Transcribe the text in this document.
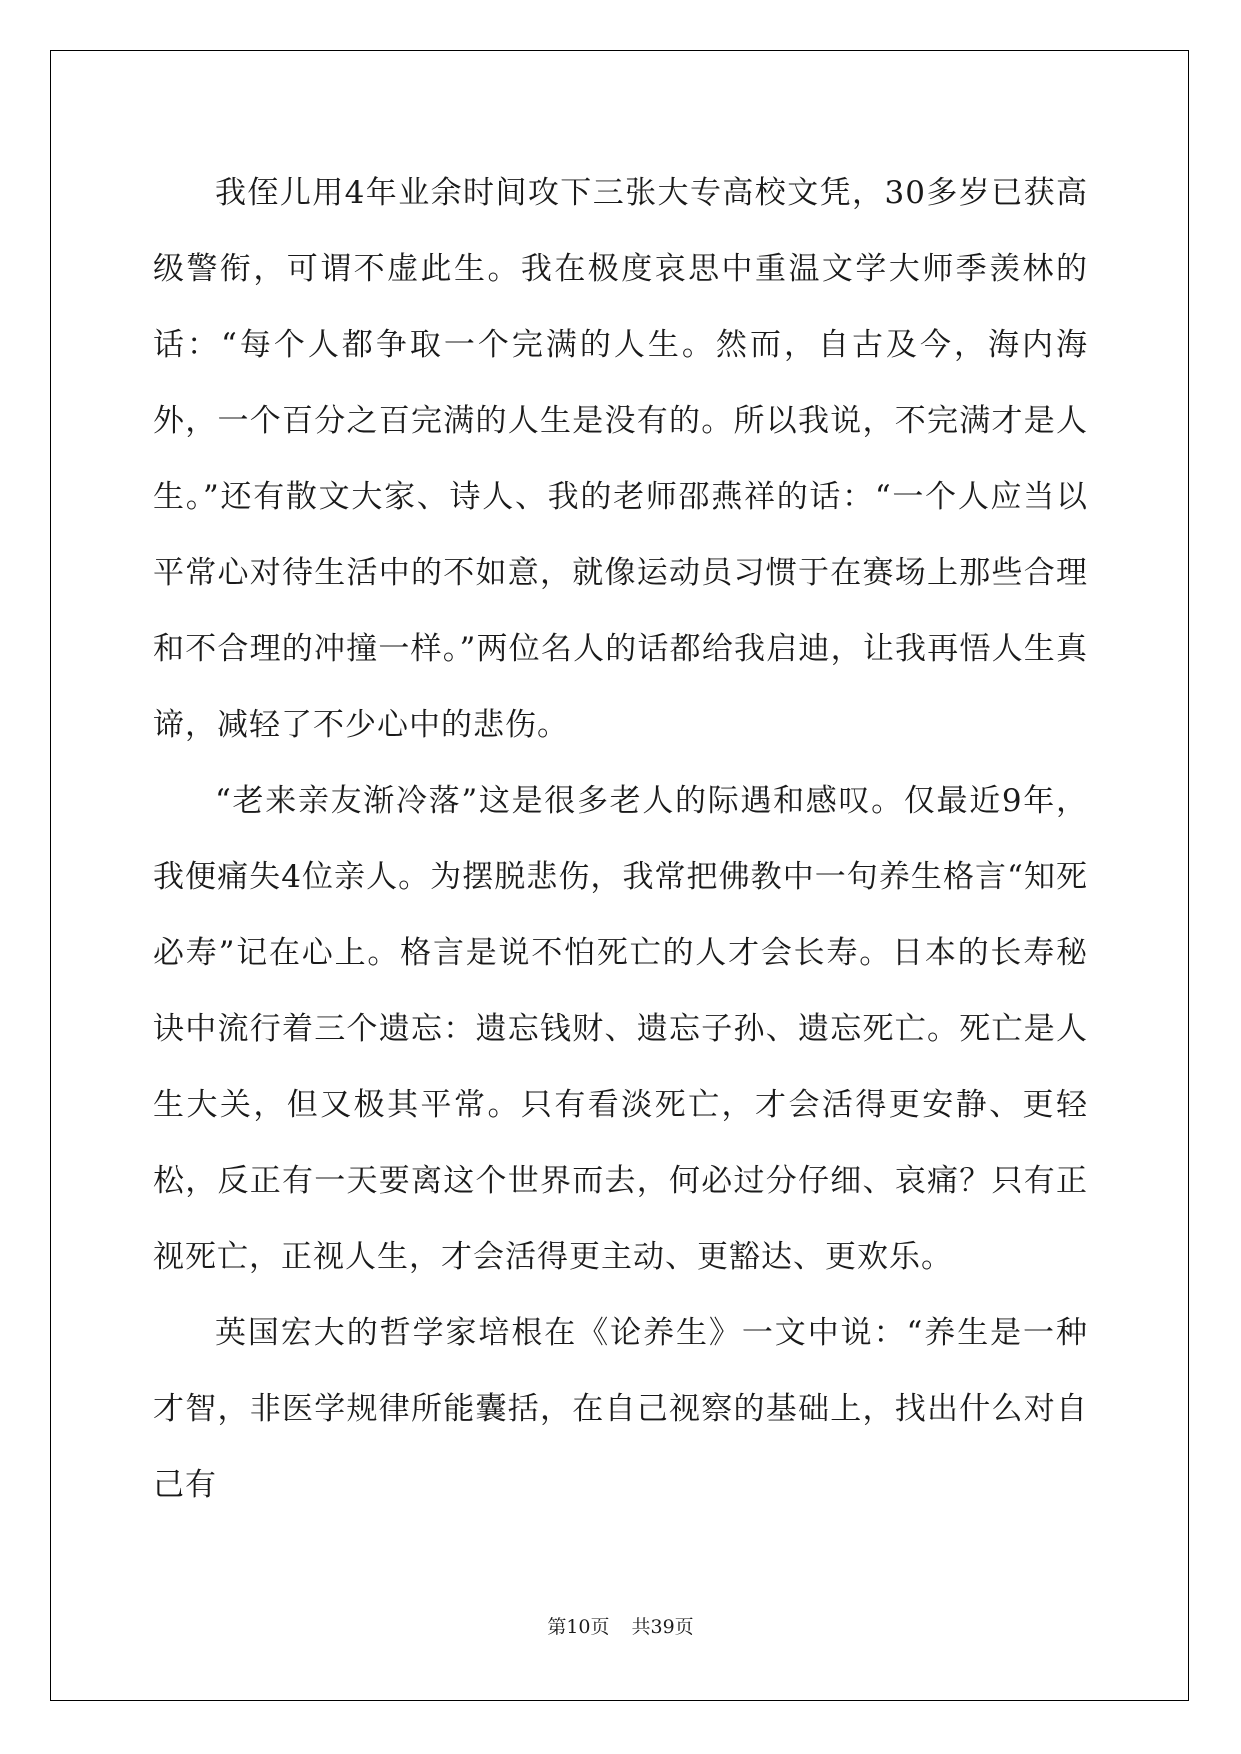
我侄儿用4年业余时间攻下三张大专高校文凭，30多岁已获高级警衔，可谓不虚此生。我在极度哀思中重温文学大师季羡林的话：“每个人都争取一个完满的人生。然而，自古及今，海内海外，一个百分之百完满的人生是没有的。所以我说，不完满才是人生。”还有散文大家、诗人、我的老师邵燕祥的话：“一个人应当以平常心对待生活中的不如意，就像运动员习惯于在赛场上那些合理和不合理的冲撞一样。”两位名人的话都给我启迪，让我再悟人生真谛，减轻了不少心中的悲伤。

“老来亲友渐冷落”这是很多老人的际遇和感叹。仅最近9年，我便痛失4位亲人。为摆脱悲伤，我常把佛教中一句养生格言“知死必寿”记在心上。格言是说不怕死亡的人才会长寿。日本的长寿秘诀中流行着三个遗忘：遗忘钱财、遗忘子孙、遗忘死亡。死亡是人生大关，但又极其平常。只有看淡死亡，才会活得更安静、更轻松，反正有一天要离这个世界而去，何必过分仔细、哀痛？只有正视死亡，正视人生，才会活得更主动、更豁达、更欢乐。

英国宏大的哲学家培根在《论养生》一文中说：“养生是一种才智，非医学规律所能囊括，在自己视察的基础上，找出什么对自己有

第10页 共39页
